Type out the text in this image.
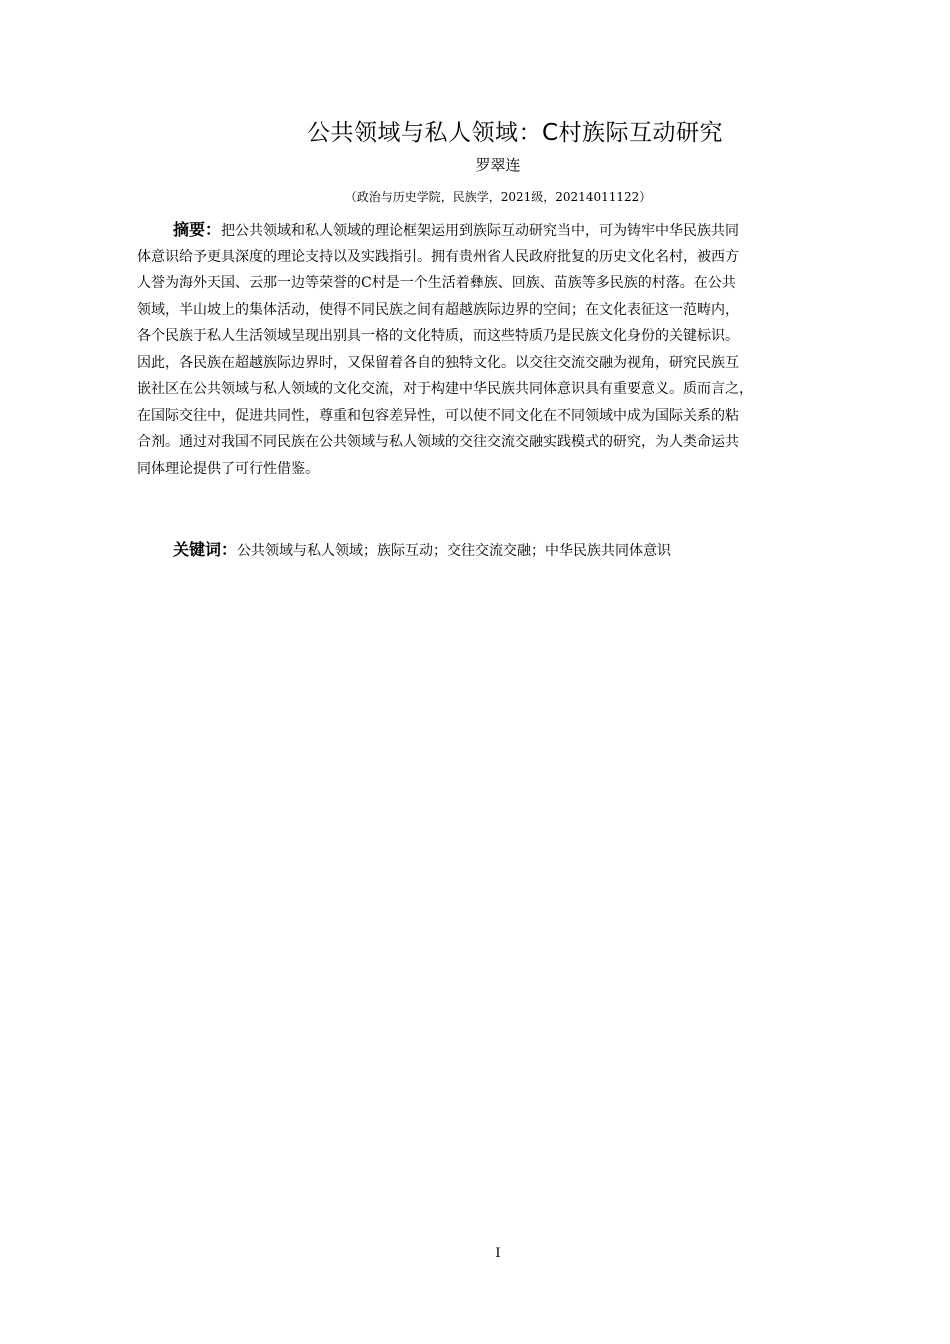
公共领域与私人领域：C村族际互动研究
罗翠连
（政治与历史学院，民族学，2021级，20214011122）
摘要：把公共领域和私人领域的理论框架运用到族际互动研究当中，可为铸牢中华民族共同
体意识给予更具深度的理论支持以及实践指引。拥有贵州省人民政府批复的历史文化名村，被西方
人誉为海外天国、云那一边等荣誉的C村是一个生活着彝族、回族、苗族等多民族的村落。在公共
领域，半山坡上的集体活动，使得不同民族之间有超越族际边界的空间；在文化表征这一范畴内，
各个民族于私人生活领域呈现出别具一格的文化特质，而这些特质乃是民族文化身份的关键标识。
因此，各民族在超越族际边界时，又保留着各自的独特文化。以交往交流交融为视角，研究民族互
嵌社区在公共领域与私人领域的文化交流，对于构建中华民族共同体意识具有重要意义。质而言之，
在国际交往中，促进共同性，尊重和包容差异性，可以使不同文化在不同领域中成为国际关系的粘
合剂。通过对我国不同民族在公共领域与私人领域的交往交流交融实践模式的研究，为人类命运共
同体理论提供了可行性借鉴。
关键词：公共领域与私人领域；族际互动；交往交流交融；中华民族共同体意识
I
